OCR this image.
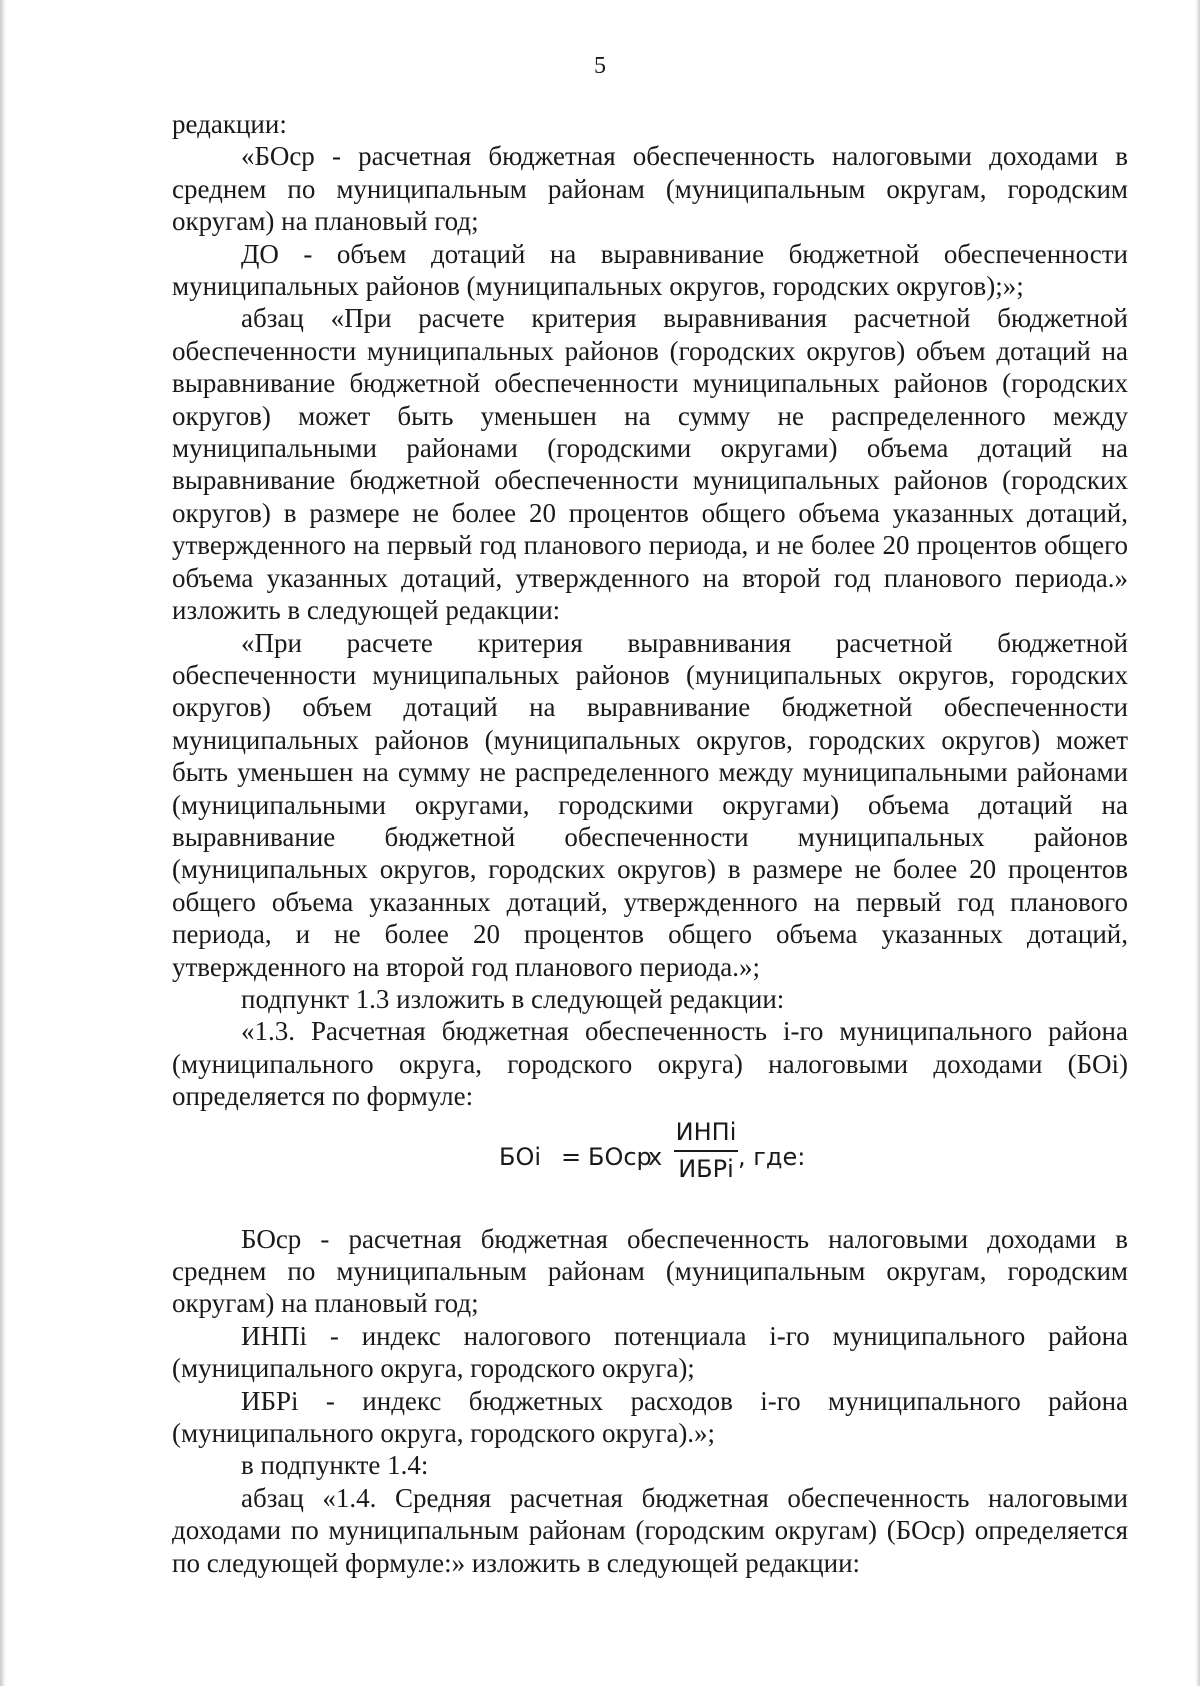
5

редакции:

«БОср - расчетная бюджетная обеспеченность налоговыми доходами в среднем по муниципальным районам (муниципальным округам, городским округам) на плановый год;

ДО - объем дотаций на выравнивание бюджетной обеспеченности муниципальных районов (муниципальных округов, городских округов);»;

абзац «При расчете критерия выравнивания расчетной бюджетной обеспеченности муниципальных районов (городских округов) объем дотаций на выравнивание бюджетной обеспеченности муниципальных районов (городских округов) может быть уменьшен на сумму не распределенного между муниципальными районами (городскими округами) объема дотаций на выравнивание бюджетной обеспеченности муниципальных районов (городских округов) в размере не более 20 процентов общего объема указанных дотаций, утвержденного на первый год планового периода, и не более 20 процентов общего объема указанных дотаций, утвержденного на второй год планового периода.» изложить в следующей редакции:

«При расчете критерия выравнивания расчетной бюджетной обеспеченности муниципальных районов (муниципальных округов, городских округов) объем дотаций на выравнивание бюджетной обеспеченности муниципальных районов (муниципальных округов, городских округов) может быть уменьшен на сумму не распределенного между муниципальными районами (муниципальными округами, городскими округами) объема дотаций на выравнивание бюджетной обеспеченности муниципальных районов (муниципальных округов, городских округов) в размере не более 20 процентов общего объема указанных дотаций, утвержденного на первый год планового периода, и не более 20 процентов общего объема указанных дотаций, утвержденного на второй год планового периода.»;

подпункт 1.3 изложить в следующей редакции:

«1.3. Расчетная бюджетная обеспеченность i-го муниципального района (муниципального округа, городского округа) налоговыми доходами (БОi) определяется по формуле:

БОi = БОср
x
ИНПi
ИБРi , где:

БОср - расчетная бюджетная обеспеченность налоговыми доходами в среднем по муниципальным районам (муниципальным округам, городским округам) на плановый год;

ИНПi - индекс налогового потенциала i-го муниципального района (муниципального округа, городского округа);

ИБРi - индекс бюджетных расходов i-го муниципального района (муниципального округа, городского округа).»;

в подпункте 1.4:

абзац «1.4. Средняя расчетная бюджетная обеспеченность налоговыми доходами по муниципальным районам (городским округам) (БОср) определяется по следующей формуле:» изложить в следующей редакции:
